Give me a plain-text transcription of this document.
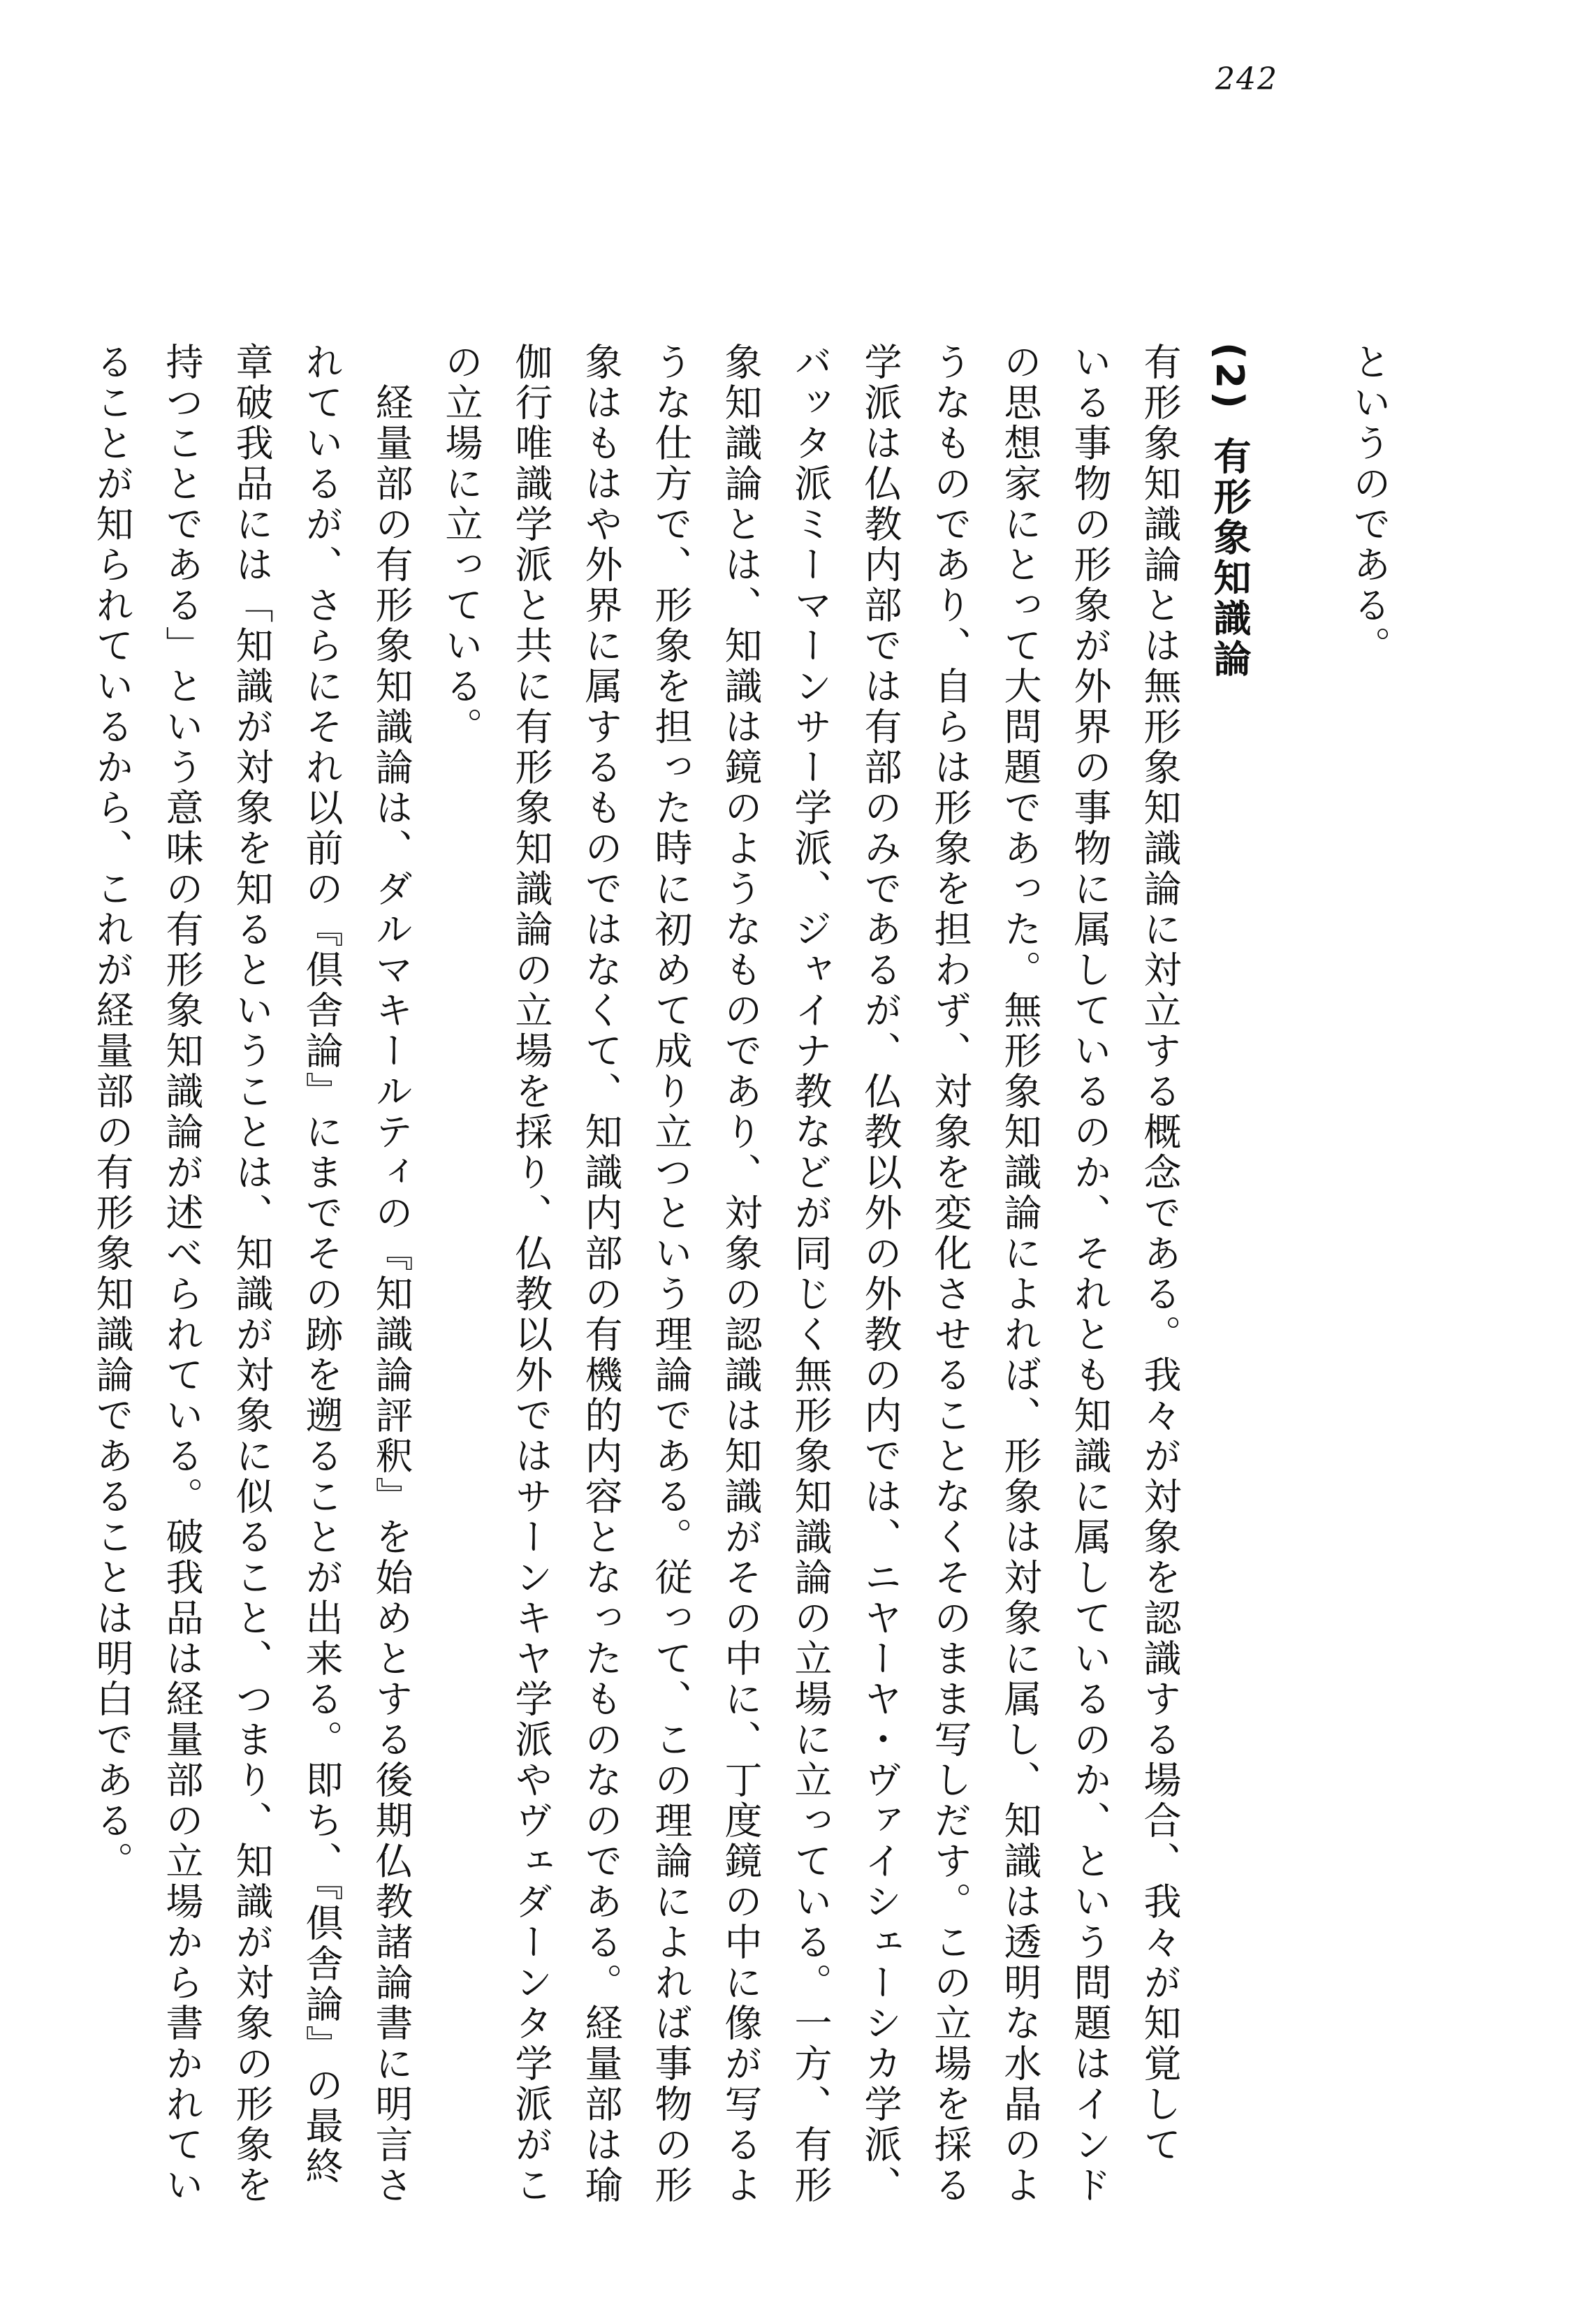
242
というのである。
(2)有形象知識論
有形象知識論とは無形象知識論に対立する概念である。我々が対象を認識する場合、我々が知覚して
いる事物の形象が外界の事物に属しているのか、それとも知識に属しているのか、という問題はインド
の思想家にとって大問題であった。無形象知識論によれば、形象は対象に属し、知識は透明な水晶のよ
うなものであり、自らは形象を担わず、対象を変化させることなくそのまま写しだす。この立場を採る
学派は仏教内部では有部のみであるが、仏教以外の外教の内では、ニヤーヤ・ヴァイシェーシカ学派、
バッタ派ミーマーンサー学派、ジャイナ教などが同じく無形象知識論の立場に立っている。一方、有形
象知識論とは、知識は鏡のようなものであり、対象の認識は知識がその中に、丁度鏡の中に像が写るよ
うな仕方で、形象を担った時に初めて成り立つという理論である。従って、この理論によれば事物の形
象はもはや外界に属するものではなくて、知識内部の有機的内容となったものなのである。経量部は瑜
伽行唯識学派と共に有形象知識論の立場を採り、仏教以外ではサーンキヤ学派やヴェダーンタ学派がこ
の立場に立っている。
　経量部の有形象知識論は、ダルマキールティの『知識論評釈』を始めとする後期仏教諸論書に明言さ
れているが、さらにそれ以前の『倶舎論』にまでその跡を遡ることが出来る。即ち、『倶舎論』の最終
章破我品には「知識が対象を知るということは、知識が対象に似ること、つまり、知識が対象の形象を
持つことである」という意味の有形象知識論が述べられている。破我品は経量部の立場から書かれてい
ることが知られているから、これが経量部の有形象知識論であることは明白である。
